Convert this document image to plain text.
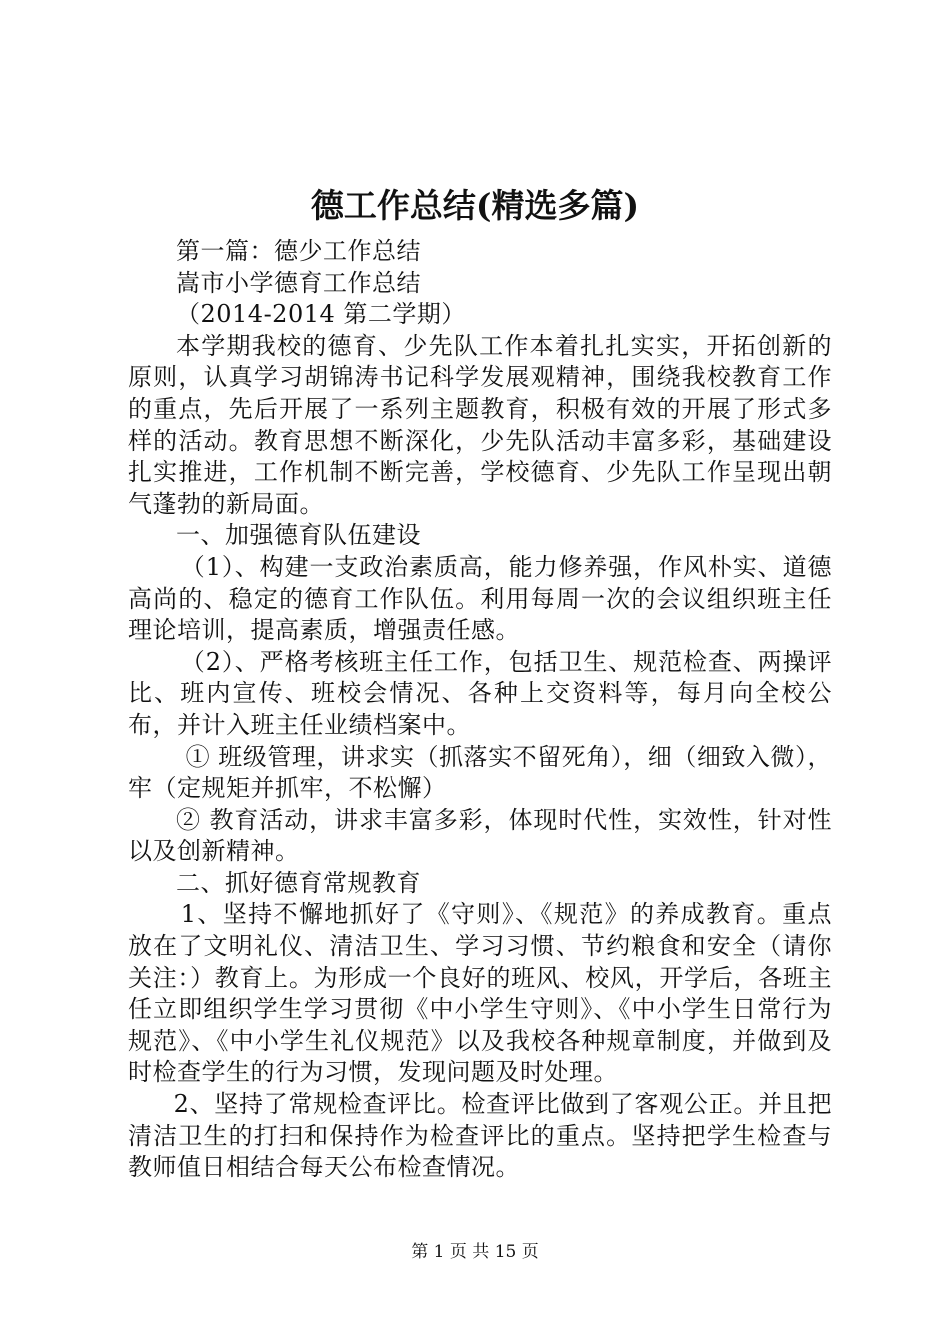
德工作总结(精选多篇)

第一篇：德少工作总结

嵩市小学德育工作总结

（2014-2014 第二学期）

本学期我校的德育、少先队工作本着扎扎实实，开拓创新的原则，认真学习胡锦涛书记科学发展观精神，围绕我校教育工作的重点，先后开展了一系列主题教育，积极有效的开展了形式多样的活动。教育思想不断深化，少先队活动丰富多彩，基础建设扎实推进，工作机制不断完善，学校德育、少先队工作呈现出朝气蓬勃的新局面。

一、加强德育队伍建设

（1）、构建一支政治素质高，能力修养强，作风朴实、道德高尚的、稳定的德育工作队伍。利用每周一次的会议组织班主任理论培训，提高素质，增强责任感。

（2）、严格考核班主任工作，包括卫生、规范检查、两操评比、班内宣传、班校会情况、各种上交资料等，每月向全校公布，并计入班主任业绩档案中。

① 班级管理，讲求实（抓落实不留死角），细（细致入微），牢（定规矩并抓牢，不松懈）

② 教育活动，讲求丰富多彩，体现时代性，实效性，针对性以及创新精神。

二、抓好德育常规教育

1、坚持不懈地抓好了《守则》、《规范》的养成教育。重点放在了文明礼仪、清洁卫生、学习习惯、节约粮食和安全（请你关注：）教育上。为形成一个良好的班风、校风，开学后，各班主任立即组织学生学习贯彻《中小学生守则》、《中小学生日常行为规范》、《中小学生礼仪规范》以及我校各种规章制度，并做到及时检查学生的行为习惯，发现问题及时处理。

2、坚持了常规检查评比。检查评比做到了客观公正。并且把清洁卫生的打扫和保持作为检查评比的重点。坚持把学生检查与教师值日相结合每天公布检查情况。

第 1 页 共 15 页
